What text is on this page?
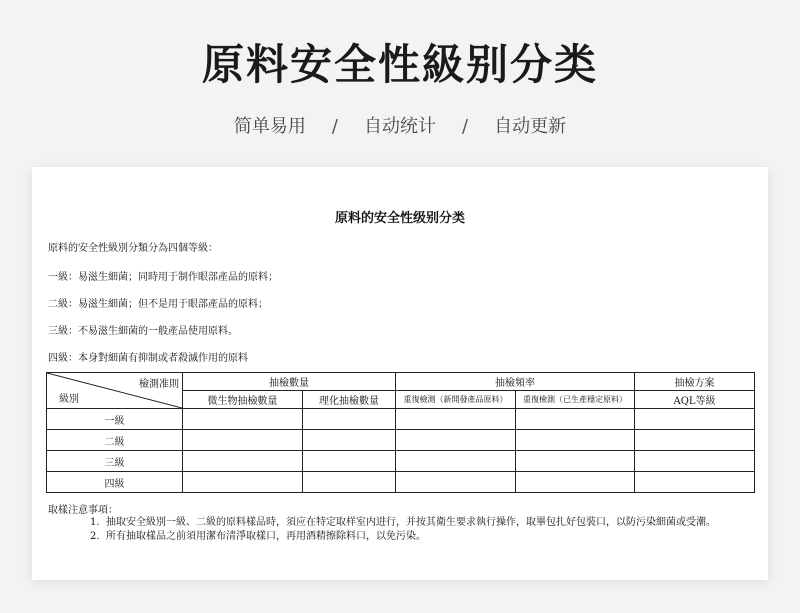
原料安全性級别分类
简单易用 / 自动统计 / 自动更新
原料的安全性级别分类
原料的安全性級別分類分為四個等級：
一級：易滋生細菌；同時用于制作眼部產品的原料；
二級：易滋生細菌；但不是用于眼部產品的原料；
三級：不易滋生細菌的一般產品使用原料。
四級：本身對細菌有抑制或者殺滅作用的原料
檢測准則
級別	抽檢數量		抽檢頻率		抽檢方案
	微生物抽檢數量	理化抽檢數量	重復檢測（新開發產品原料）	重復檢測（已生產穩定原料）	AQL等級
一級					
二級					
三級					
四級					
取樣注意事項：
1. 抽取安全級別一級、二級的原料樣品時，須应在特定取样室内进行，并按其衛生要求執行操作，取畢包扎好包裝口，以防污染細菌或受潮。
2. 所有抽取樣品之前須用潔布清淨取樣口，再用酒精擦除料口，以免污染。
